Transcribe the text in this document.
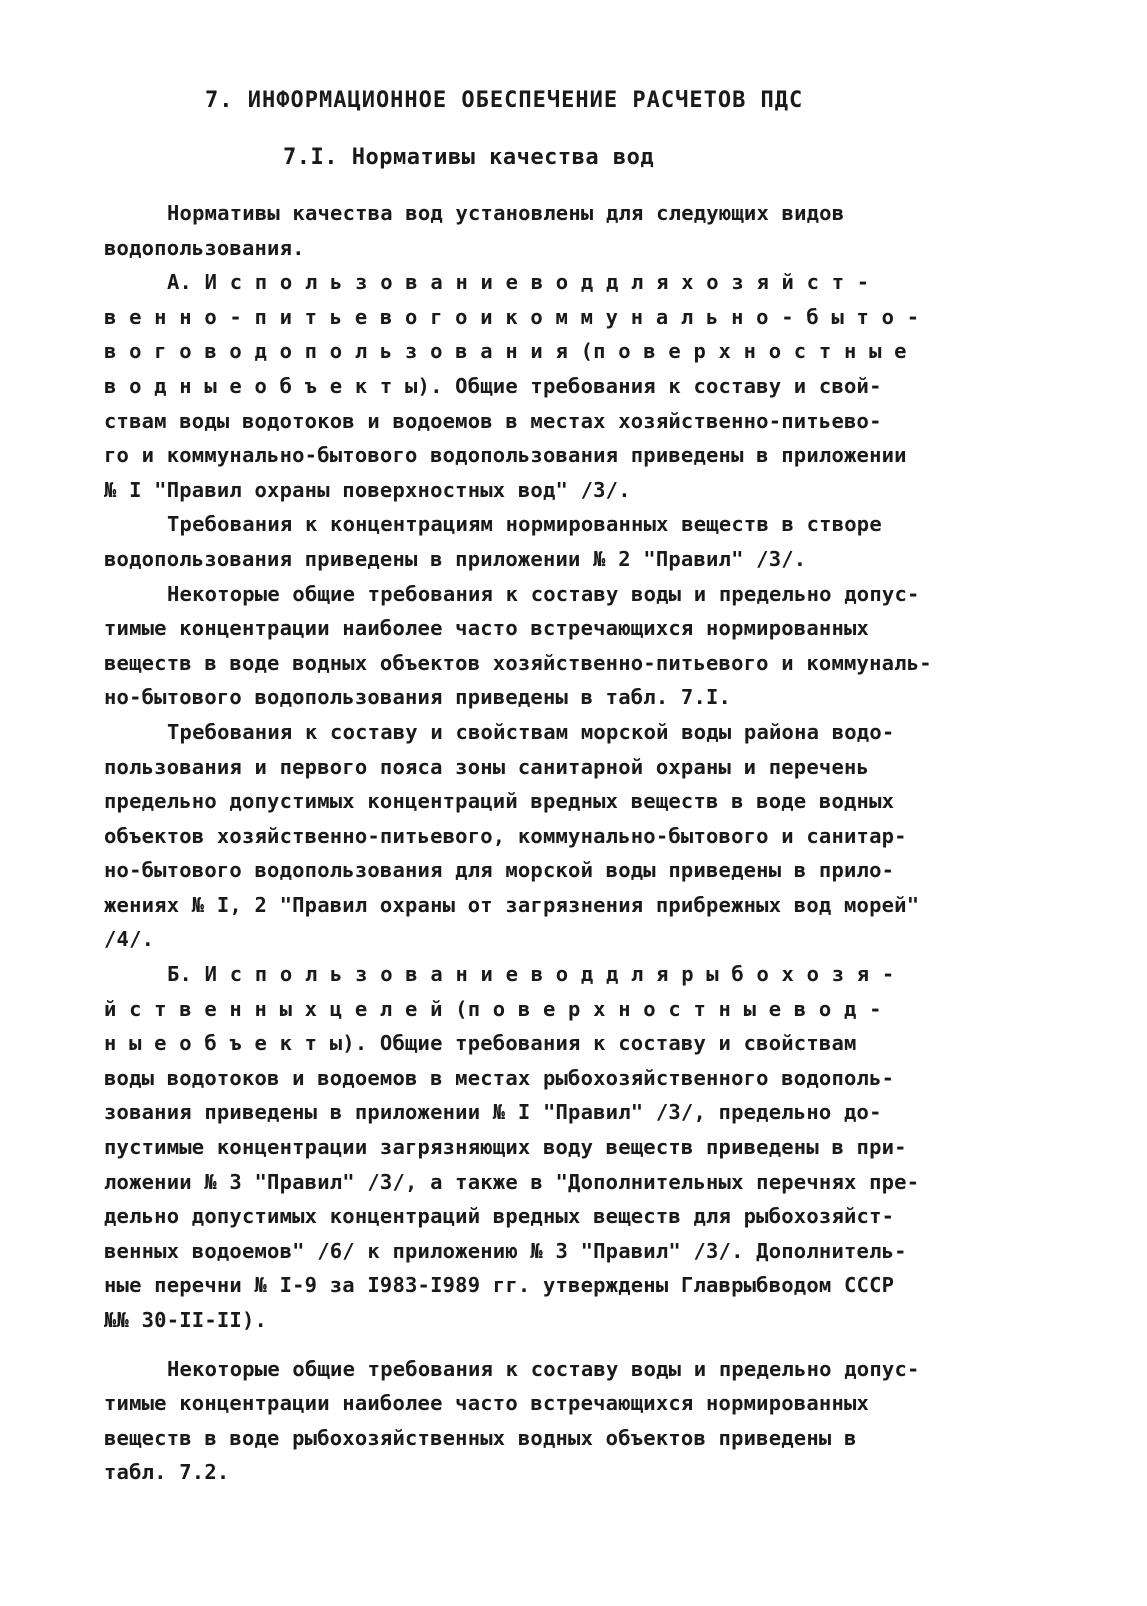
7. ИНФОРМАЦИОННОЕ ОБЕСПЕЧЕНИЕ РАСЧЕТОВ ПДС
7.I. Нормативы качества вод
Нормативы качества вод установлены для следующих видов
водопользования.
А. И с п о л ь з о в а н и е в о д д л я х о з я й с т -
в е н н о - п и т ь е в о г о и к о м м у н а л ь н о - б ы т о -
в о г о в о д о п о л ь з о в а н и я (п о в е р х н о с т н ы е
в о д н ы е о б ъ е к т ы). Общие требования к составу и свой-
ствам воды водотоков и водоемов в местах хозяйственно-питьево-
го и коммунально-бытового водопользования приведены в приложении
№ I "Правил охраны поверхностных вод" /3/.
Требования к концентрациям нормированных веществ в створе
водопользования приведены в приложении № 2 "Правил" /3/.
Некоторые общие требования к составу воды и предельно допус-
тимые концентрации наиболее часто встречающихся нормированных
веществ в воде водных объектов хозяйственно-питьевого и коммуналь-
но-бытового водопользования приведены в табл. 7.I.
Требования к составу и свойствам морской воды района водо-
пользования и первого пояса зоны санитарной охраны и перечень
предельно допустимых концентраций вредных веществ в воде водных
объектов хозяйственно-питьевого, коммунально-бытового и санитар-
но-бытового водопользования для морской воды приведены в прило-
жениях № I, 2 "Правил охраны от загрязнения прибрежных вод морей"
/4/.
Б. И с п о л ь з о в а н и е в о д д л я р ы б о х о з я -
й с т в е н н ы х ц е л е й (п о в е р х н о с т н ы е в о д -
н ы е о б ъ е к т ы). Общие требования к составу и свойствам
воды водотоков и водоемов в местах рыбохозяйственного водополь-
зования приведены в приложении № I "Правил" /3/, предельно до-
пустимые концентрации загрязняющих воду веществ приведены в при-
ложении № 3 "Правил" /3/, а также в "Дополнительных перечнях пре-
дельно допустимых концентраций вредных веществ для рыбохозяйст-
венных водоемов" /6/ к приложению № 3 "Правил" /3/. Дополнитель-
ные перечни № I-9 за I983-I989 гг. утверждены Главрыбводом СССР
№№ 30-II-II).
Некоторые общие требования к составу воды и предельно допус-
тимые концентрации наиболее часто встречающихся нормированных
веществ в воде рыбохозяйственных водных объектов приведены в
табл. 7.2.
